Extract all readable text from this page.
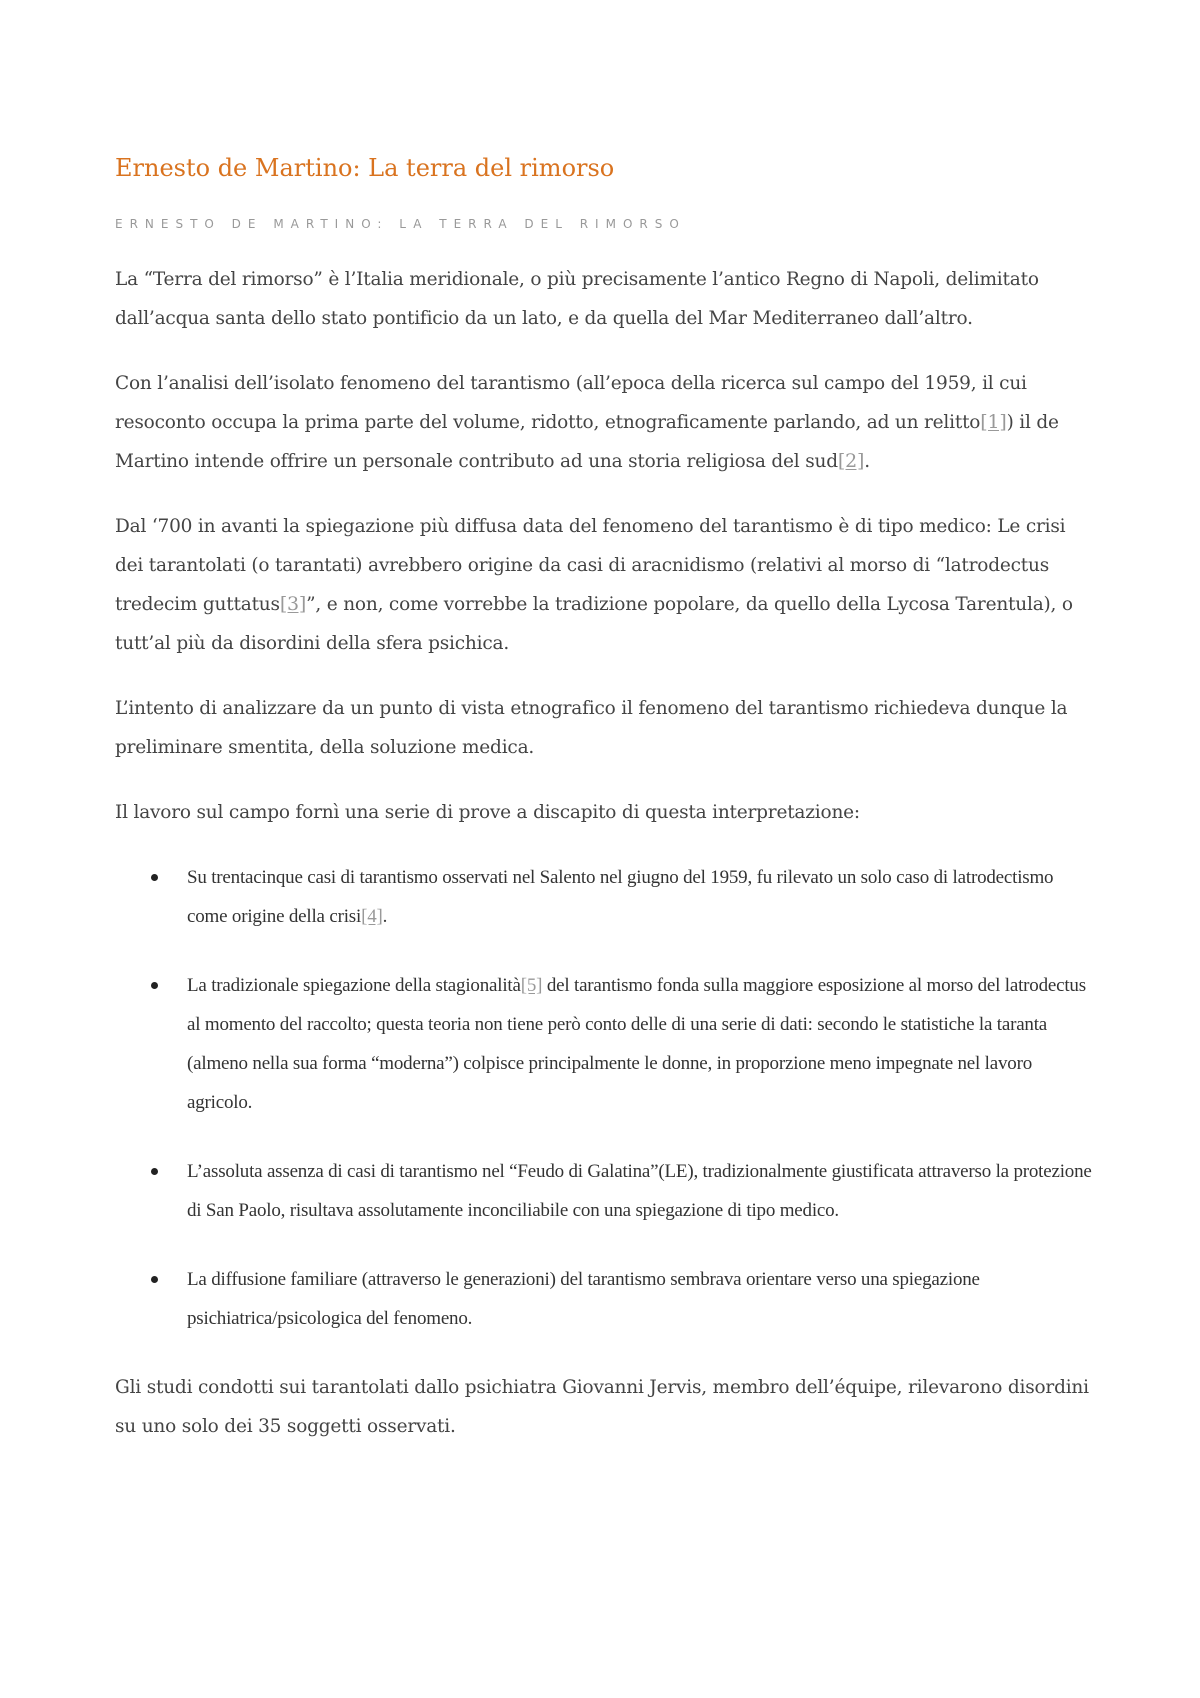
Ernesto de Martino: La terra del rimorso
ERNESTO DE MARTINO: LA TERRA DEL RIMORSO

La “Terra del rimorso” è l’Italia meridionale, o più precisamente l’antico Regno di Napoli, delimitato dall’acqua santa dello stato pontificio da un lato, e da quella del Mar Mediterraneo dall’altro.

Con l’analisi dell’isolato fenomeno del tarantismo (all’epoca della ricerca sul campo del 1959, il cui resoconto occupa la prima parte del volume, ridotto, etnograficamente parlando, ad un relitto[1]) il de Martino intende offrire un personale contributo ad una storia religiosa del sud[2].

Dal ‘700 in avanti la spiegazione più diffusa data del fenomeno del tarantismo è di tipo medico: Le crisi dei tarantolati (o tarantati) avrebbero origine da casi di aracnidismo (relativi al morso di “latrodectus tredecim guttatus[3]”, e non, come vorrebbe la tradizione popolare, da quello della Lycosa Tarentula), o tutt’al più da disordini della sfera psichica.

L’intento di analizzare da un punto di vista etnografico il fenomeno del tarantismo richiedeva dunque la preliminare smentita, della soluzione medica.

Il lavoro sul campo fornì una serie di prove a discapito di questa interpretazione:

Su trentacinque casi di tarantismo osservati nel Salento nel giugno del 1959, fu rilevato un solo caso di latrodectismo come origine della crisi[4].
La tradizionale spiegazione della stagionalità[5] del tarantismo fonda sulla maggiore esposizione al morso del latrodectus al momento del raccolto; questa teoria non tiene però conto delle di una serie di dati: secondo le statistiche la taranta (almeno nella sua forma “moderna”) colpisce principalmente le donne, in proporzione meno impegnate nel lavoro agricolo.
L’assoluta assenza di casi di tarantismo nel “Feudo di Galatina”(LE), tradizionalmente giustificata attraverso la protezione di San Paolo, risultava assolutamente inconciliabile con una spiegazione di tipo medico.
La diffusione familiare (attraverso le generazioni) del tarantismo sembrava orientare verso una spiegazione psichiatrica/psicologica del fenomeno.

Gli studi condotti sui tarantolati dallo psichiatra Giovanni Jervis, membro dell’équipe, rilevarono disordini su uno solo dei 35 soggetti osservati.
